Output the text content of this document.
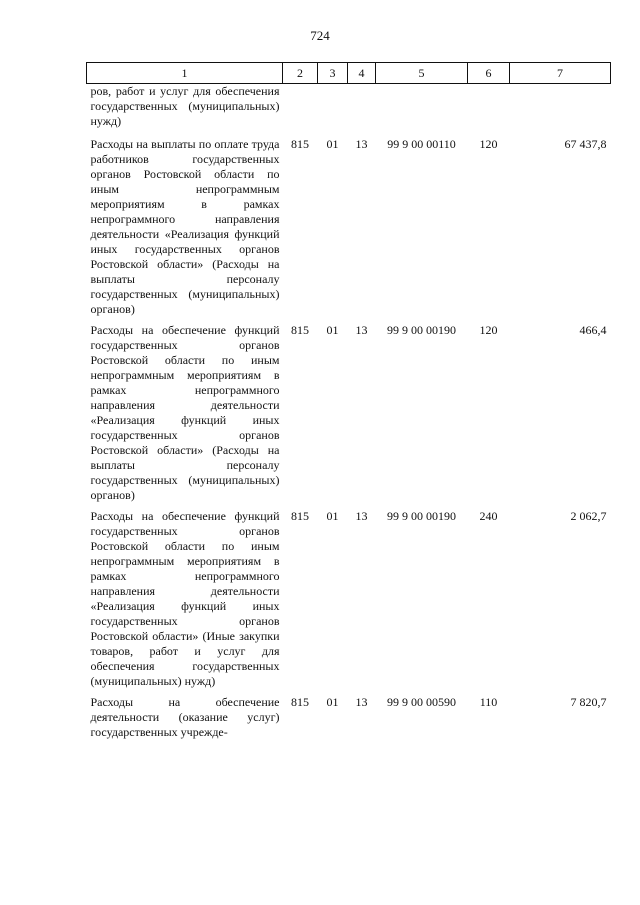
724
1	2	3	4	5	6	7
ров, работ и услуг для обеспечения государственных (муниципальных) нужд)						
Расходы на выплаты по оплате труда работников государственных органов Ростовской области по иным непрограммным мероприятиям в рамках непрограммного направления деятельности «Реализация функций иных государственных органов Ростовской области» (Расходы на выплаты персоналу государственных (муниципальных) органов)	815	01	13	99 9 00 00110	120	67 437,8
Расходы на обеспечение функций государственных органов Ростовской области по иным непрограммным мероприятиям в рамках непрограммного направления деятельности «Реализация функций иных государственных органов Ростовской области» (Расходы на выплаты персоналу государственных (муниципальных) органов)	815	01	13	99 9 00 00190	120	466,4
Расходы на обеспечение функций государственных органов Ростовской области по иным непрограммным мероприятиям в рамках непрограммного направления деятельности «Реализация функций иных государственных органов Ростовской области» (Иные закупки товаров, работ и услуг для обеспечения государственных (муниципальных) нужд)	815	01	13	99 9 00 00190	240	2 062,7
Расходы на обеспечение деятельности (оказание услуг) государственных учрежде-	815	01	13	99 9 00 00590	110	7 820,7
